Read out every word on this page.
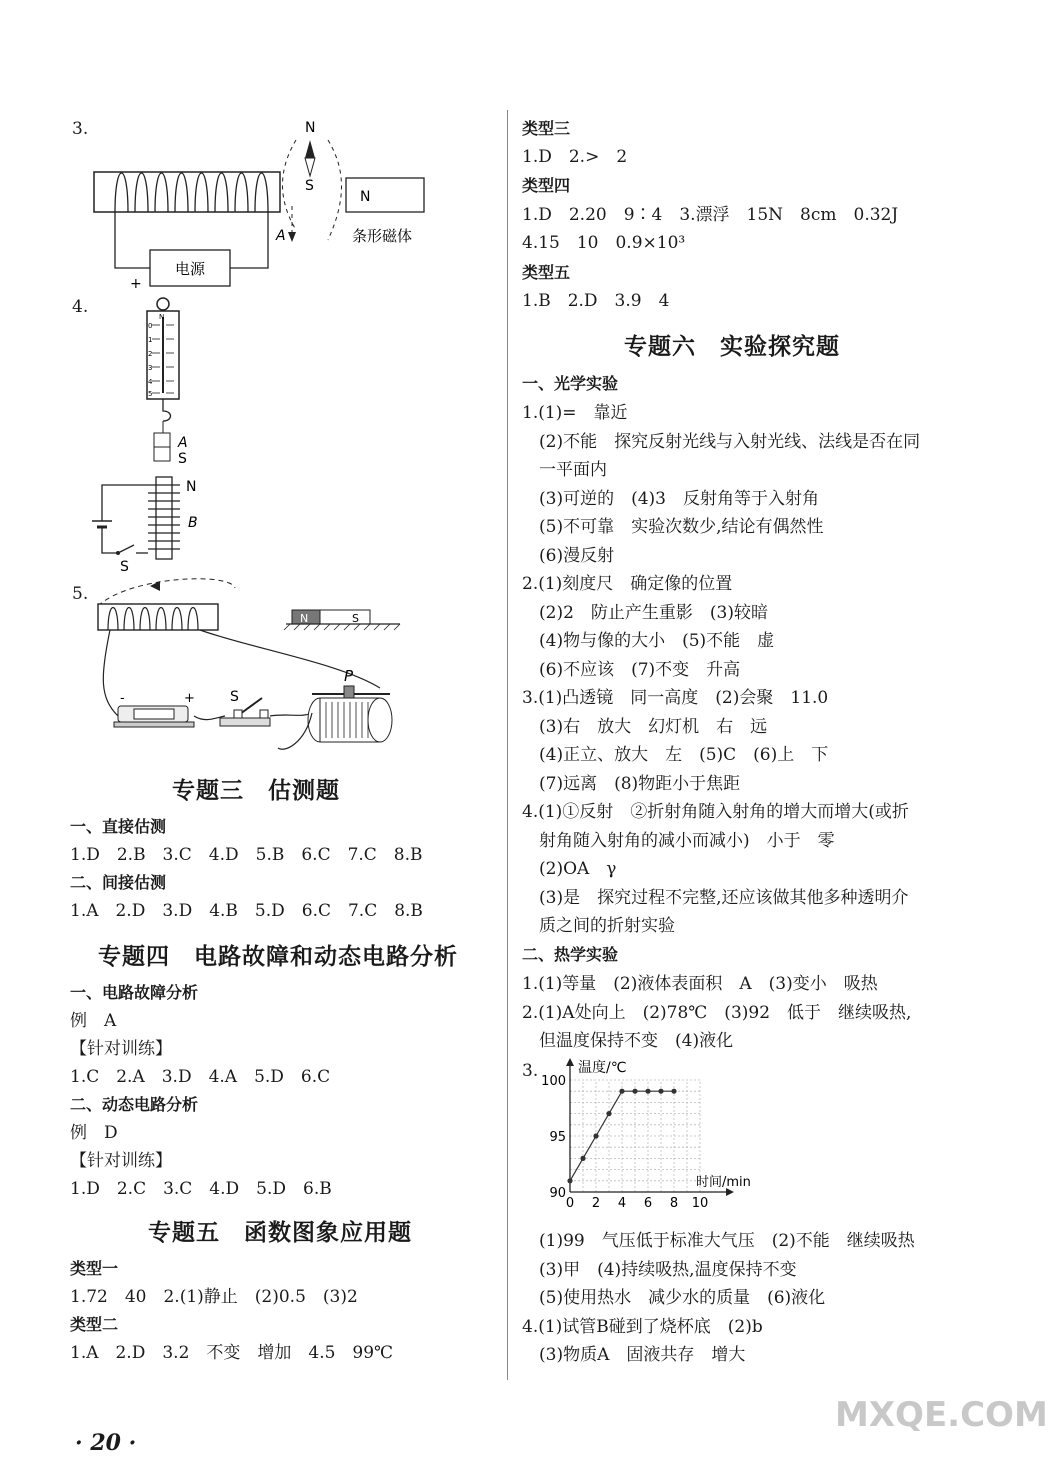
3.
电源
+
N
S
A
N
条形磁体
4.	N
0
1
2
3
4
5
A
S
N
B
S
5.
N	S
-	+	S
P
专题三　估测题
一、直接估测
1.D　2.B　3.C　4.D　5.B　6.C　7.C　8.B
二、间接估测
1.A　2.D　3.D　4.B　5.D　6.C　7.C　8.B
专题四　电路故障和动态电路分析
一、电路故障分析
例　A
【针对训练】
1.C　2.A　3.D　4.A　5.D　6.C
二、动态电路分析
例　D
【针对训练】
1.D　2.C　3.C　4.D　5.D　6.B
专题五　函数图象应用题
类型一
1.72　40　2.(1)静止　(2)0.5　(3)2
类型二
1.A　2.D　3.2　不变　增加　4.5　99℃
· 20 ·
类型三
1.D　2.>　2
类型四
1.D　2.20　9∶4　3.漂浮　15N　8cm　0.32J
4.15　10　0.9×10³
类型五
1.B　2.D　3.9　4
专题六　实验探究题
一、光学实验
1.(1)=　靠近
　(2)不能　探究反射光线与入射光线、法线是否在同
　一平面内
　(3)可逆的　(4)3　反射角等于入射角
　(5)不可靠　实验次数少,结论有偶然性
　(6)漫反射
2.(1)刻度尺　确定像的位置
　(2)2　防止产生重影　(3)较暗
　(4)物与像的大小　(5)不能　虚
　(6)不应该　(7)不变　升高
3.(1)凸透镜　同一高度　(2)会聚　11.0
　(3)右　放大　幻灯机　右　远
　(4)正立、放大　左　(5)C　(6)上　下
　(7)远离　(8)物距小于焦距
4.(1)①反射　②折射角随入射角的增大而增大(或折
　射角随入射角的减小而减小)　小于　零
　(2)OA　γ
　(3)是　探究过程不完整,还应该做其他多种透明介
　质之间的折射实验
二、热学实验
1.(1)等量　(2)液体表面积　A　(3)变小　吸热
2.(1)A处向上　(2)78℃　(3)92　低于　继续吸热,
　但温度保持不变　(4)液化
3.
0 2 4 6 8 10
90
95
100
温度/℃
时间/min
　(1)99　气压低于标准大气压　(2)不能　继续吸热
　(3)甲　(4)持续吸热,温度保持不变
　(5)使用热水　减少水的质量　(6)液化
4.(1)试管B碰到了烧杯底　(2)b
　(3)物质A　固液共存　增大
MXQE.COM
